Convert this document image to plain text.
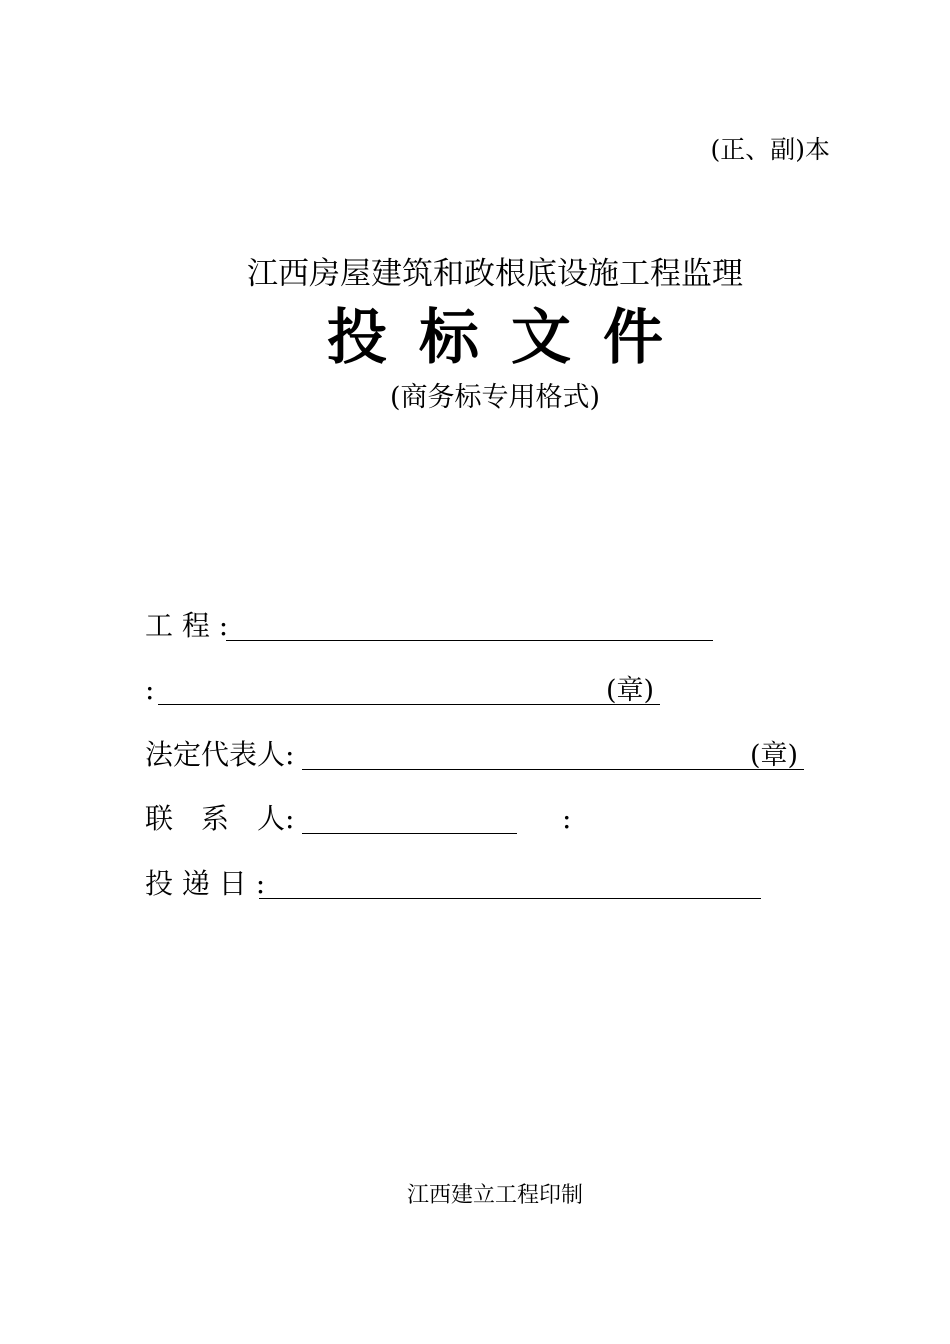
(正、副)本
江西房屋建筑和政根底设施工程监理
投标文件
(商务标专用格式)
工 程 :
:	(章)
法定代表人:	(章)
联　系　人:	:
投 递 日 :
江西建立工程印制
